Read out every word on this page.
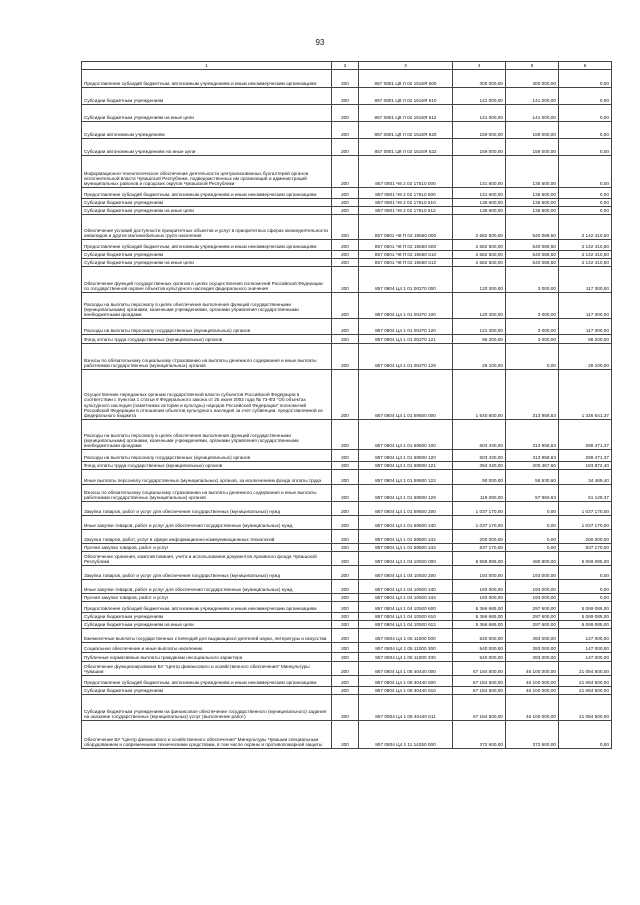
93
1	2	3	4	5	6
Предоставление субсидий бюджетным, автономным учреждениям и иным некоммерческим организациям	200	857 0801 Ц9 Л 02 1516Я 600	300 000,00	300 000,00	0,00
Субсидии бюджетным учреждениям	200	857 0801 Ц9 Л 02 1516Я 610	141 000,00	141 000,00	0,00
Субсидии бюджетным учреждениям на иные цели	200	857 0801 Ц9 Л 02 1516Я 612	141 000,00	141 000,00	0,00
Субсидии автономным учреждениям	200	857 0801 Ц9 Л 02 1516Я 620	159 000,00	159 000,00	0,00
Субсидии автономным учреждениям на иные цели	200	857 0801 Ц9 Л 02 1516Я 622	159 000,00	159 000,00	0,00
Информационно-технологическое обеспечение деятельности централизованных бухгалтерий органов исполнительной власти Чувашской Республики, подведомственных им организаций и администраций муниципальных районов и городских округов Чувашской Республики	200	857 0801 Ч8 2 02 17510 000	131 600,00	135 600,00	0,00
Предоставление субсидий бюджетным, автономным учреждениям и иным некоммерческим организациям	200	857 0801 Ч8 2 02 17510 600	131 600,00	135 600,00	0,00
Субсидии бюджетным учреждениям	200	857 0801 Ч8 2 02 17510 610	135 600,00	135 600,00	0,00
Субсидии бюджетным учреждениям на иные цели	200	857 0801 Ч8 2 02 17510 612	135 600,00	135 600,00	0,00
Обеспечение условий доступности приоритетных объектов и услуг в приоритетных сферах жизнедеятельности инвалидов и других маломобильных групп населения	200	857 0801 Ч8 П 02 19560 000	2 682 500,00	540 089,50	2 142 410,50
Предоставление субсидий бюджетным, автономным учреждениям и иным некоммерческим организациям	200	857 0801 Ч8 П 02 19560 600	2 682 500,00	540 089,50	2 142 410,50
Субсидии бюджетным учреждениям	200	857 0801 Ч8 П 02 19560 610	2 682 500,00	540 089,50	2 142 410,50
Субсидии бюджетным учреждениям на иные цели	200	857 0801 Ч8 П 02 19560 612	2 682 500,00	540 089,50	2 142 410,50
Обеспечение функций государственных органов в целях осуществления полномочий Российской Федерации по государственной охране объектов культурного наследия федерального значения	200	857 0804 Ц4 1 01 00270 000	120 300,00	3 000,00	117 300,00
Расходы на выплаты персоналу в целях обеспечения выполнения функций государственными (муниципальными) органами, казенными учреждениями, органами управления государственными внебюджетными фондами	200	857 0804 Ц4 1 01 00270 100	120 300,00	3 000,00	117 300,00
Расходы на выплаты персоналу государственных (муниципальных) органов	200	857 0804 Ц4 1 01 00270 120	121 300,00	3 000,00	117 300,00
Фонд оплаты труда государственных (муниципальных) органов	200	857 0804 Ц4 1 01 00270 121	96 200,00	3 000,00	88 200,00
Взносы по обязательному социальному страхованию на выплаты денежного содержания и иные выплаты работникам государственных (муниципальных) органов	200	857 0804 Ц4 1 01 00270 129	29 100,00	0,00	29 100,00
Осуществление переданных органам государственной власти субъектов Российской Федерации в соответствии с пунктом 1 статьи 9 Федерального закона от 25 июня 2002 года № 73-ФЗ "Об объектах культурного наследия (памятниках истории и культуры) народов Российской Федерации" полномочий Российской Федерации в отношении объектов культурного наследия за счет субвенции, предоставляемой из федерального бюджета	200	857 0804 Ц4 1 01 59500 000	1 640 600,00	313 958,63	1 326 641,37
Расходы на выплаты персоналу в целях обеспечения выполнения функций государственными (муниципальными) органами, казенными учреждениями, органами управления государственными внебюджетными фондами	200	857 0804 Ц4 1 01 59500 100	603 430,00	313 958,63	289 471,37
Расходы на выплаты персоналу государственных (муниципальных) органов	200	857 0804 Ц4 1 01 59500 120	603 430,00	313 958,63	289 471,37
Фонд оплаты труда государственных (муниципальных) органов	200	857 0804 Ц4 1 01 59500 121	394 340,00	200 467,60	193 872,40
Иные выплаты персоналу государственных (муниципальных) органов, за исключением фонда оплаты труда	200	857 0804 Ц4 1 01 59500 122	90 000,00	55 530,60	34 469,40
Взносы по обязательному социальному страхованию на выплаты денежного содержания и иные выплаты работникам государственных (муниципальных) органов	200	857 0804 Ц4 1 01 59500 129	119 090,00	57 960,63	61 129,37
Закупка товаров, работ и услуг для обеспечения государственных (муниципальных) нужд	200	857 0804 Ц4 1 01 59500 200	1 037 170,00	0,00	1 037 170,00
Иные закупки товаров, работ и услуг для обеспечения государственных (муниципальных) нужд	200	857 0804 Ц4 1 01 59500 240	1 037 170,00	0,00	1 037 170,00
Закупка товаров, работ, услуг в сфере информационно-коммуникационных технологий	200	857 0804 Ц4 1 01 59500 242	200 000,00	0,00	200 000,00
Прочая закупка товаров, работ и услуг	200	857 0804 Ц4 1 01 59500 244	837 170,00	0,00	837 170,00
Обеспечение хранения, комплектования, учета и использования документов Архивного фонда Чувашской Республики	200	857 0804 Ц4 1 04 10920 000	5 559 895,00	490 800,00	5 069 095,00
Закупка товаров, работ и услуг для обеспечения государственных (муниципальных) нужд	200	857 0804 Ц4 1 04 10920 200	193 000,00	193 000,00	0,00
Иные закупки товаров, работ и услуг для обеспечения государственных (муниципальных) нужд	200	857 0804 Ц4 1 04 10920 240	193 000,00	193 000,00	0,00
Прочая закупка товаров, работ и услуг	200	857 0804 Ц4 1 04 10920 244	193 000,00	193 000,00	0,00
Предоставление субсидий бюджетным, автономным учреждениям и иным некоммерческим организациям	200	857 0804 Ц4 1 04 10920 600	5 366 685,00	297 600,00	5 069 085,00
Субсидии бюджетным учреждениям	200	857 0804 Ц4 1 04 10920 610	5 366 685,00	297 600,00	5 069 085,00
Субсидии бюджетным учреждениям на иные цели	200	857 0804 Ц4 1 04 10920 612	5 366 685,00	297 600,00	5 069 085,00
Ежемесячные выплаты государственных стипендий для выдающихся деятелей науки, литературы и искусства	200	857 0804 Ц4 1 05 11000 000	540 000,00	393 000,00	147 000,00
Социальное обеспечение и иные выплаты населению	200	857 0804 Ц4 1 05 11000 300	540 000,00	393 000,00	147 000,00
Публичные нормативные выплаты гражданам несоциального характера	200	857 0804 Ц4 1 05 11000 330	540 000,00	393 000,00	147 000,00
Обеспечение функционирования БУ "Центр финансового и хозяйственного обеспечения" Минкультуры Чувашии	200	857 0804 Ц4 1 08 40440 000	67 184 500,00	46 100 000,00	21 084 500,00
Предоставление субсидий бюджетным, автономным учреждениям и иным некоммерческим организациям	200	857 0804 Ц4 1 08 40440 600	67 184 500,00	46 100 000,00	21 084 500,00
Субсидии бюджетным учреждениям	200	857 0804 Ц4 1 08 40440 610	67 184 500,00	46 100 000,00	21 084 500,00
Субсидии бюджетным учреждениям на финансовое обеспечение государственного (муниципального) задания на оказание государственных (муниципальных) услуг (выполнение работ)	200	857 0804 Ц4 1 08 40440 611	67 184 500,00	46 100 000,00	21 084 500,00
Обеспечение БУ "Центр финансового и хозяйственного обеспечения" Минкультуры Чувашии специальным оборудованием и современными техническими средствами, в том числе охраны и противопожарной защиты	200	857 0804 Ц4 1 11 14250 000	372 600,00	372 600,00	0,00
